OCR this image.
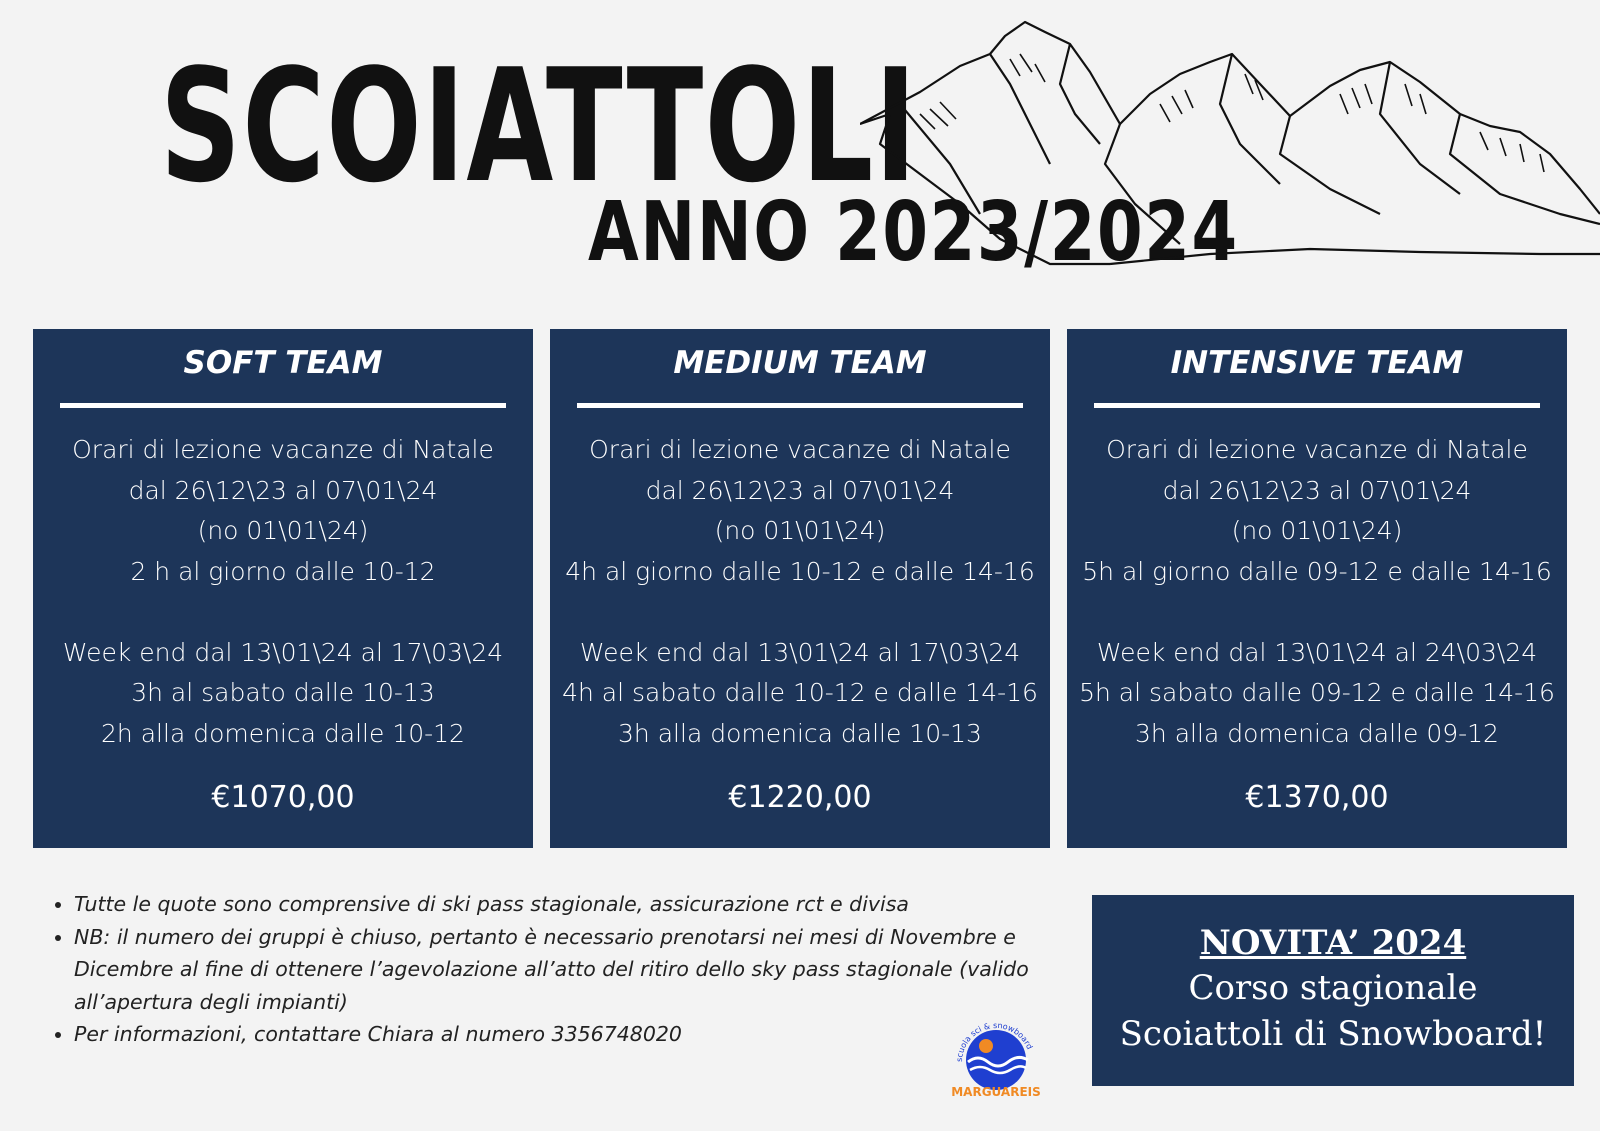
SCOIATTOLI
ANNO 2023/2024
SOFT TEAM
Orari di lezione vacanze di Natale
dal 26\12\23 al 07\01\24
(no 01\01\24)
2 h al giorno dalle 10-12
Week end dal 13\01\24 al 17\03\24
3h al sabato dalle 10-13
2h alla domenica dalle 10-12
€1070,00
MEDIUM TEAM
Orari di lezione vacanze di Natale
dal 26\12\23 al 07\01\24
(no 01\01\24)
4h al giorno dalle 10-12 e dalle 14-16
Week end dal 13\01\24 al 17\03\24
4h al sabato dalle 10-12 e dalle 14-16
3h alla domenica dalle 10-13
€1220,00
INTENSIVE TEAM
Orari di lezione vacanze di Natale
dal 26\12\23 al 07\01\24
(no 01\01\24)
5h al giorno dalle 09-12 e dalle 14-16
Week end dal 13\01\24 al 24\03\24
5h al sabato dalle 09-12 e dalle 14-16
3h alla domenica dalle 09-12
€1370,00
• Tutte le quote sono comprensive di ski pass stagionale, assicurazione rct e divisa
• NB: il numero dei gruppi è chiuso, pertanto è necessario prenotarsi nei mesi di Novembre e Dicembre al fine di ottenere l’agevolazione all’atto del ritiro dello sky pass stagionale (valido all’apertura degli impianti)
• Per informazioni, contattare Chiara al numero 3356748020
scuola sci & snowboard
MARGUAREIS
NOVITA’ 2024
Corso stagionale
Scoiattoli di Snowboard!
